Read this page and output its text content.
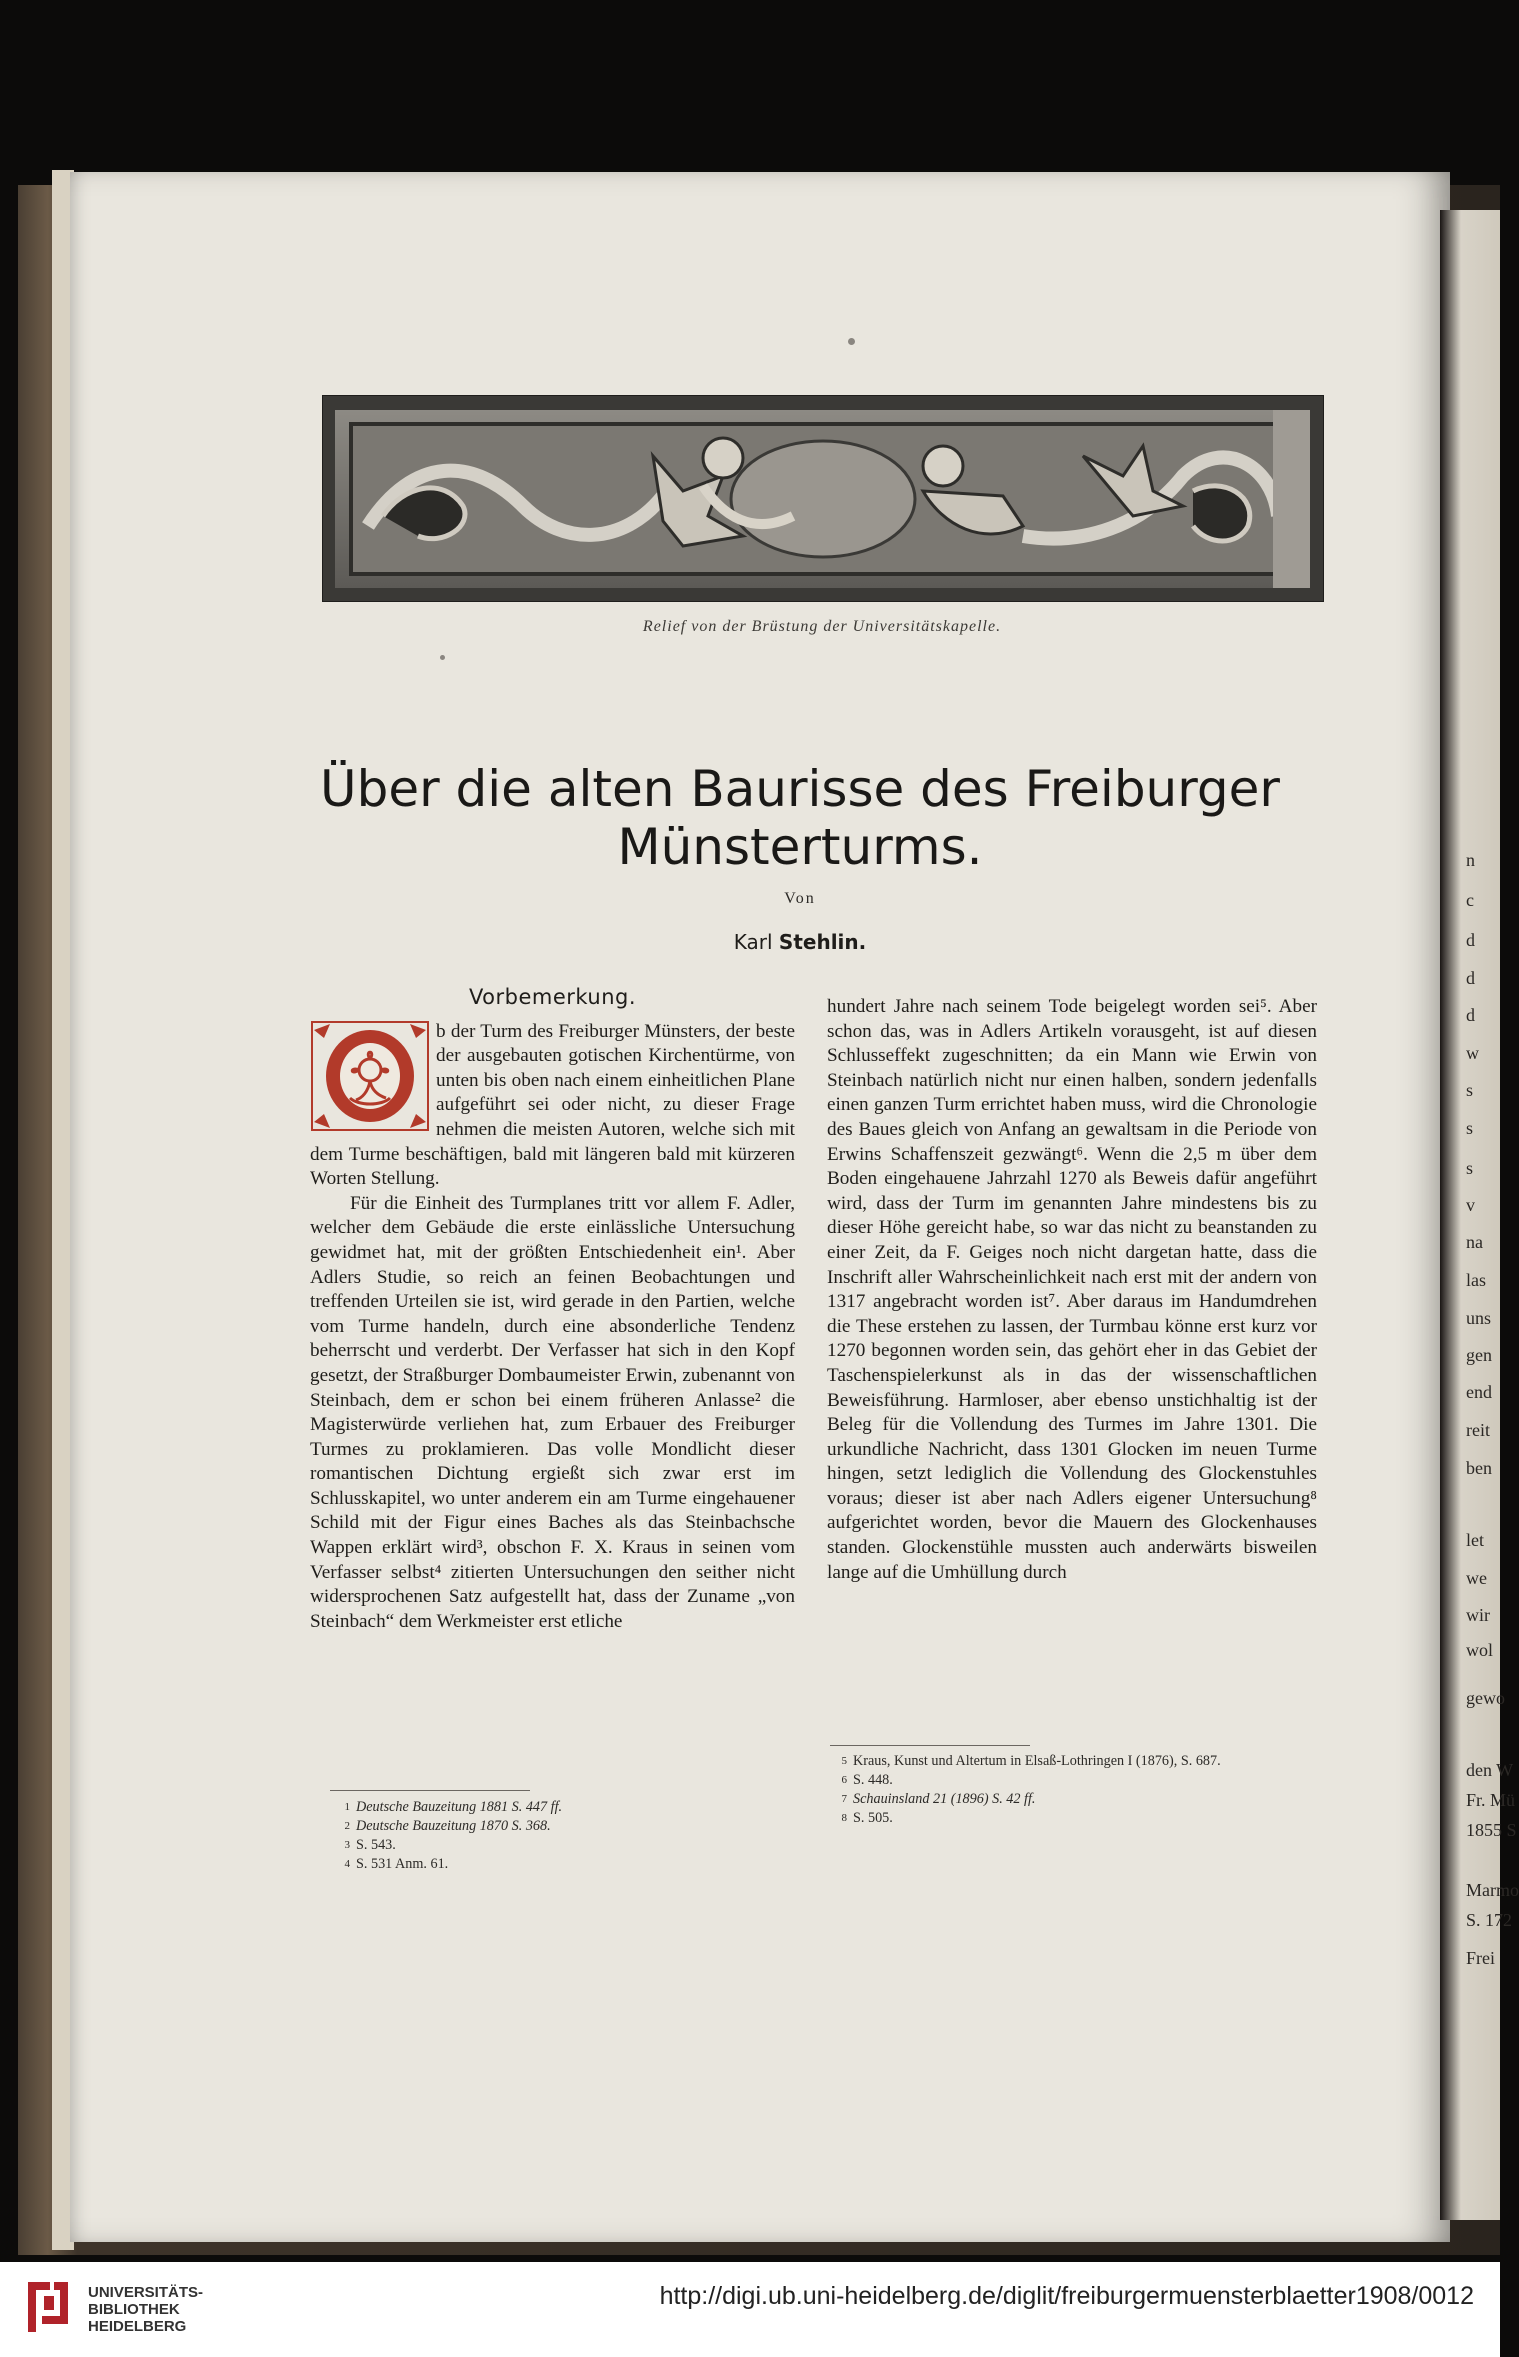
n
c
d
d
d
w
s
s
s
v
na
las
uns
gen
end
reit
ben
let
we
wir
wol
gewo
den W
Fr. Mü
1855 S
Marmo
S. 172
Frei
Relief von der Brüstung der Universitätskapelle.
Über die alten Baurisse des Freiburger
Münsterturms.
Von
Karl Stehlin.
Vorbemerkung.

b der Turm des Freiburger Münsters, der beste der ausgebauten gotischen Kirchentürme, von unten bis oben nach einem einheitlichen Plane aufgeführt sei oder nicht, zu dieser Frage nehmen die meisten Autoren, welche sich mit dem Turme beschäftigen, bald mit längeren bald mit kürzeren Worten Stellung.

Für die Einheit des Turmplanes tritt vor allem F. Adler, welcher dem Gebäude die erste einlässliche Untersuchung gewidmet hat, mit der größten Entschiedenheit ein¹. Aber Adlers Studie, so reich an feinen Beobachtungen und treffenden Urteilen sie ist, wird gerade in den Partien, welche vom Turme handeln, durch eine absonderliche Tendenz beherrscht und verderbt. Der Verfasser hat sich in den Kopf gesetzt, der Straßburger Dombaumeister Erwin, zubenannt von Steinbach, dem er schon bei einem früheren Anlasse² die Magisterwürde verliehen hat, zum Erbauer des Freiburger Turmes zu proklamieren. Das volle Mondlicht dieser romantischen Dichtung ergießt sich zwar erst im Schlusskapitel, wo unter anderem ein am Turme eingehauener Schild mit der Figur eines Baches als das Steinbachsche Wappen erklärt wird³, obschon F. X. Kraus in seinen vom Verfasser selbst⁴ zitierten Untersuchungen den seither nicht widersprochenen Satz aufgestellt hat, dass der Zuname „von Steinbach“ dem Werkmeister erst etliche

hundert Jahre nach seinem Tode beigelegt worden sei⁵. Aber schon das, was in Adlers Artikeln vorausgeht, ist auf diesen Schlusseffekt zugeschnitten; da ein Mann wie Erwin von Steinbach natürlich nicht nur einen halben, sondern jedenfalls einen ganzen Turm errichtet haben muss, wird die Chronologie des Baues gleich von Anfang an gewaltsam in die Periode von Erwins Schaffenszeit gezwängt⁶. Wenn die 2,5 m über dem Boden eingehauene Jahrzahl 1270 als Beweis dafür angeführt wird, dass der Turm im genannten Jahre mindestens bis zu dieser Höhe gereicht habe, so war das nicht zu beanstanden zu einer Zeit, da F. Geiges noch nicht dargetan hatte, dass die Inschrift aller Wahrscheinlichkeit nach erst mit der andern von 1317 angebracht worden ist⁷. Aber daraus im Handumdrehen die These erstehen zu lassen, der Turmbau könne erst kurz vor 1270 begonnen worden sein, das gehört eher in das Gebiet der Taschenspielerkunst als in das der wissenschaftlichen Beweisführung. Harmloser, aber ebenso unstichhaltig ist der Beleg für die Vollendung des Turmes im Jahre 1301. Die urkundliche Nachricht, dass 1301 Glocken im neuen Turme hingen, setzt lediglich die Vollendung des Glockenstuhles voraus; dieser ist aber nach Adlers eigener Untersuchung⁸ aufgerichtet worden, bevor die Mauern des Glockenhauses standen. Glockenstühle mussten auch anderwärts bisweilen lange auf die Umhüllung durch

1 Deutsche Bauzeitung 1881 S. 447 ff.
2 Deutsche Bauzeitung 1870 S. 368.
3 S. 543.
4 S. 531 Anm. 61.
5 Kraus, Kunst und Altertum in Elsaß-Lothringen I (1876), S. 687.
6 S. 448.
7 Schauinsland 21 (1896) S. 42 ff.
8 S. 505.
UNIVERSITÄTS-
BIBLIOTHEK
HEIDELBERG
http://digi.ub.uni-heidelberg.de/diglit/freiburgermuensterblaetter1908/0012
